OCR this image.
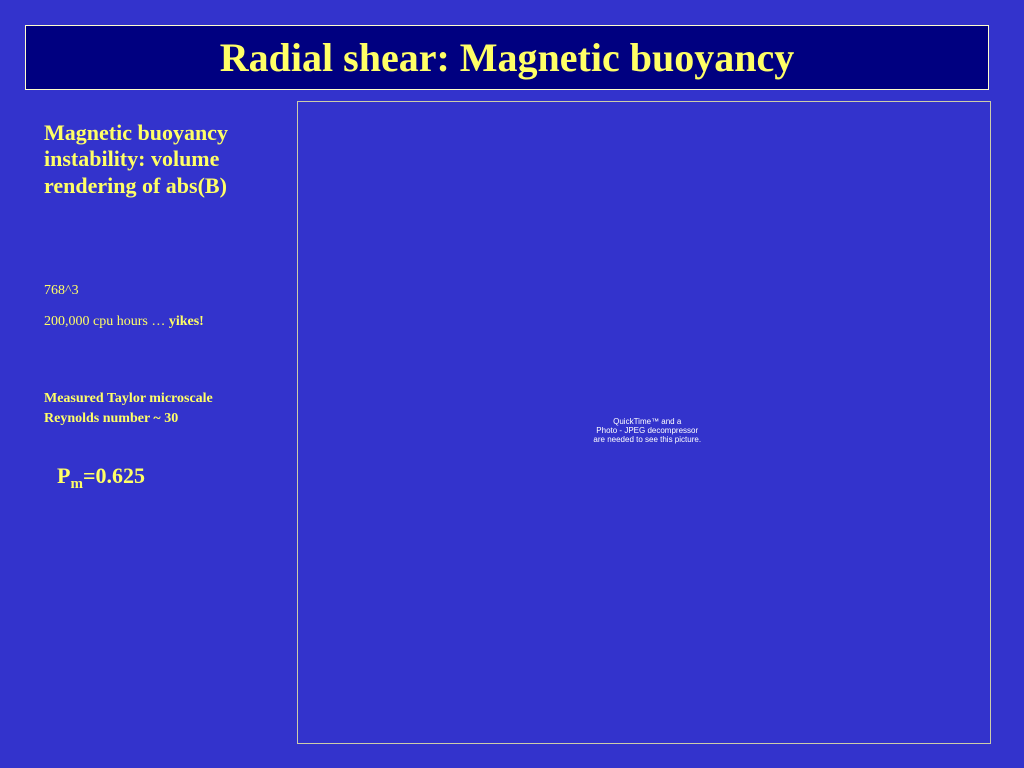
Radial shear: Magnetic buoyancy

Magnetic buoyancy
instability: volume
rendering of abs(B)

768^3

200,000 cpu hours … yikes!

Measured Taylor microscale
Reynolds number ~ 30

$P_m=0.625$
QuickTime™ and a
Photo - JPEG decompressor
are needed to see this picture.
